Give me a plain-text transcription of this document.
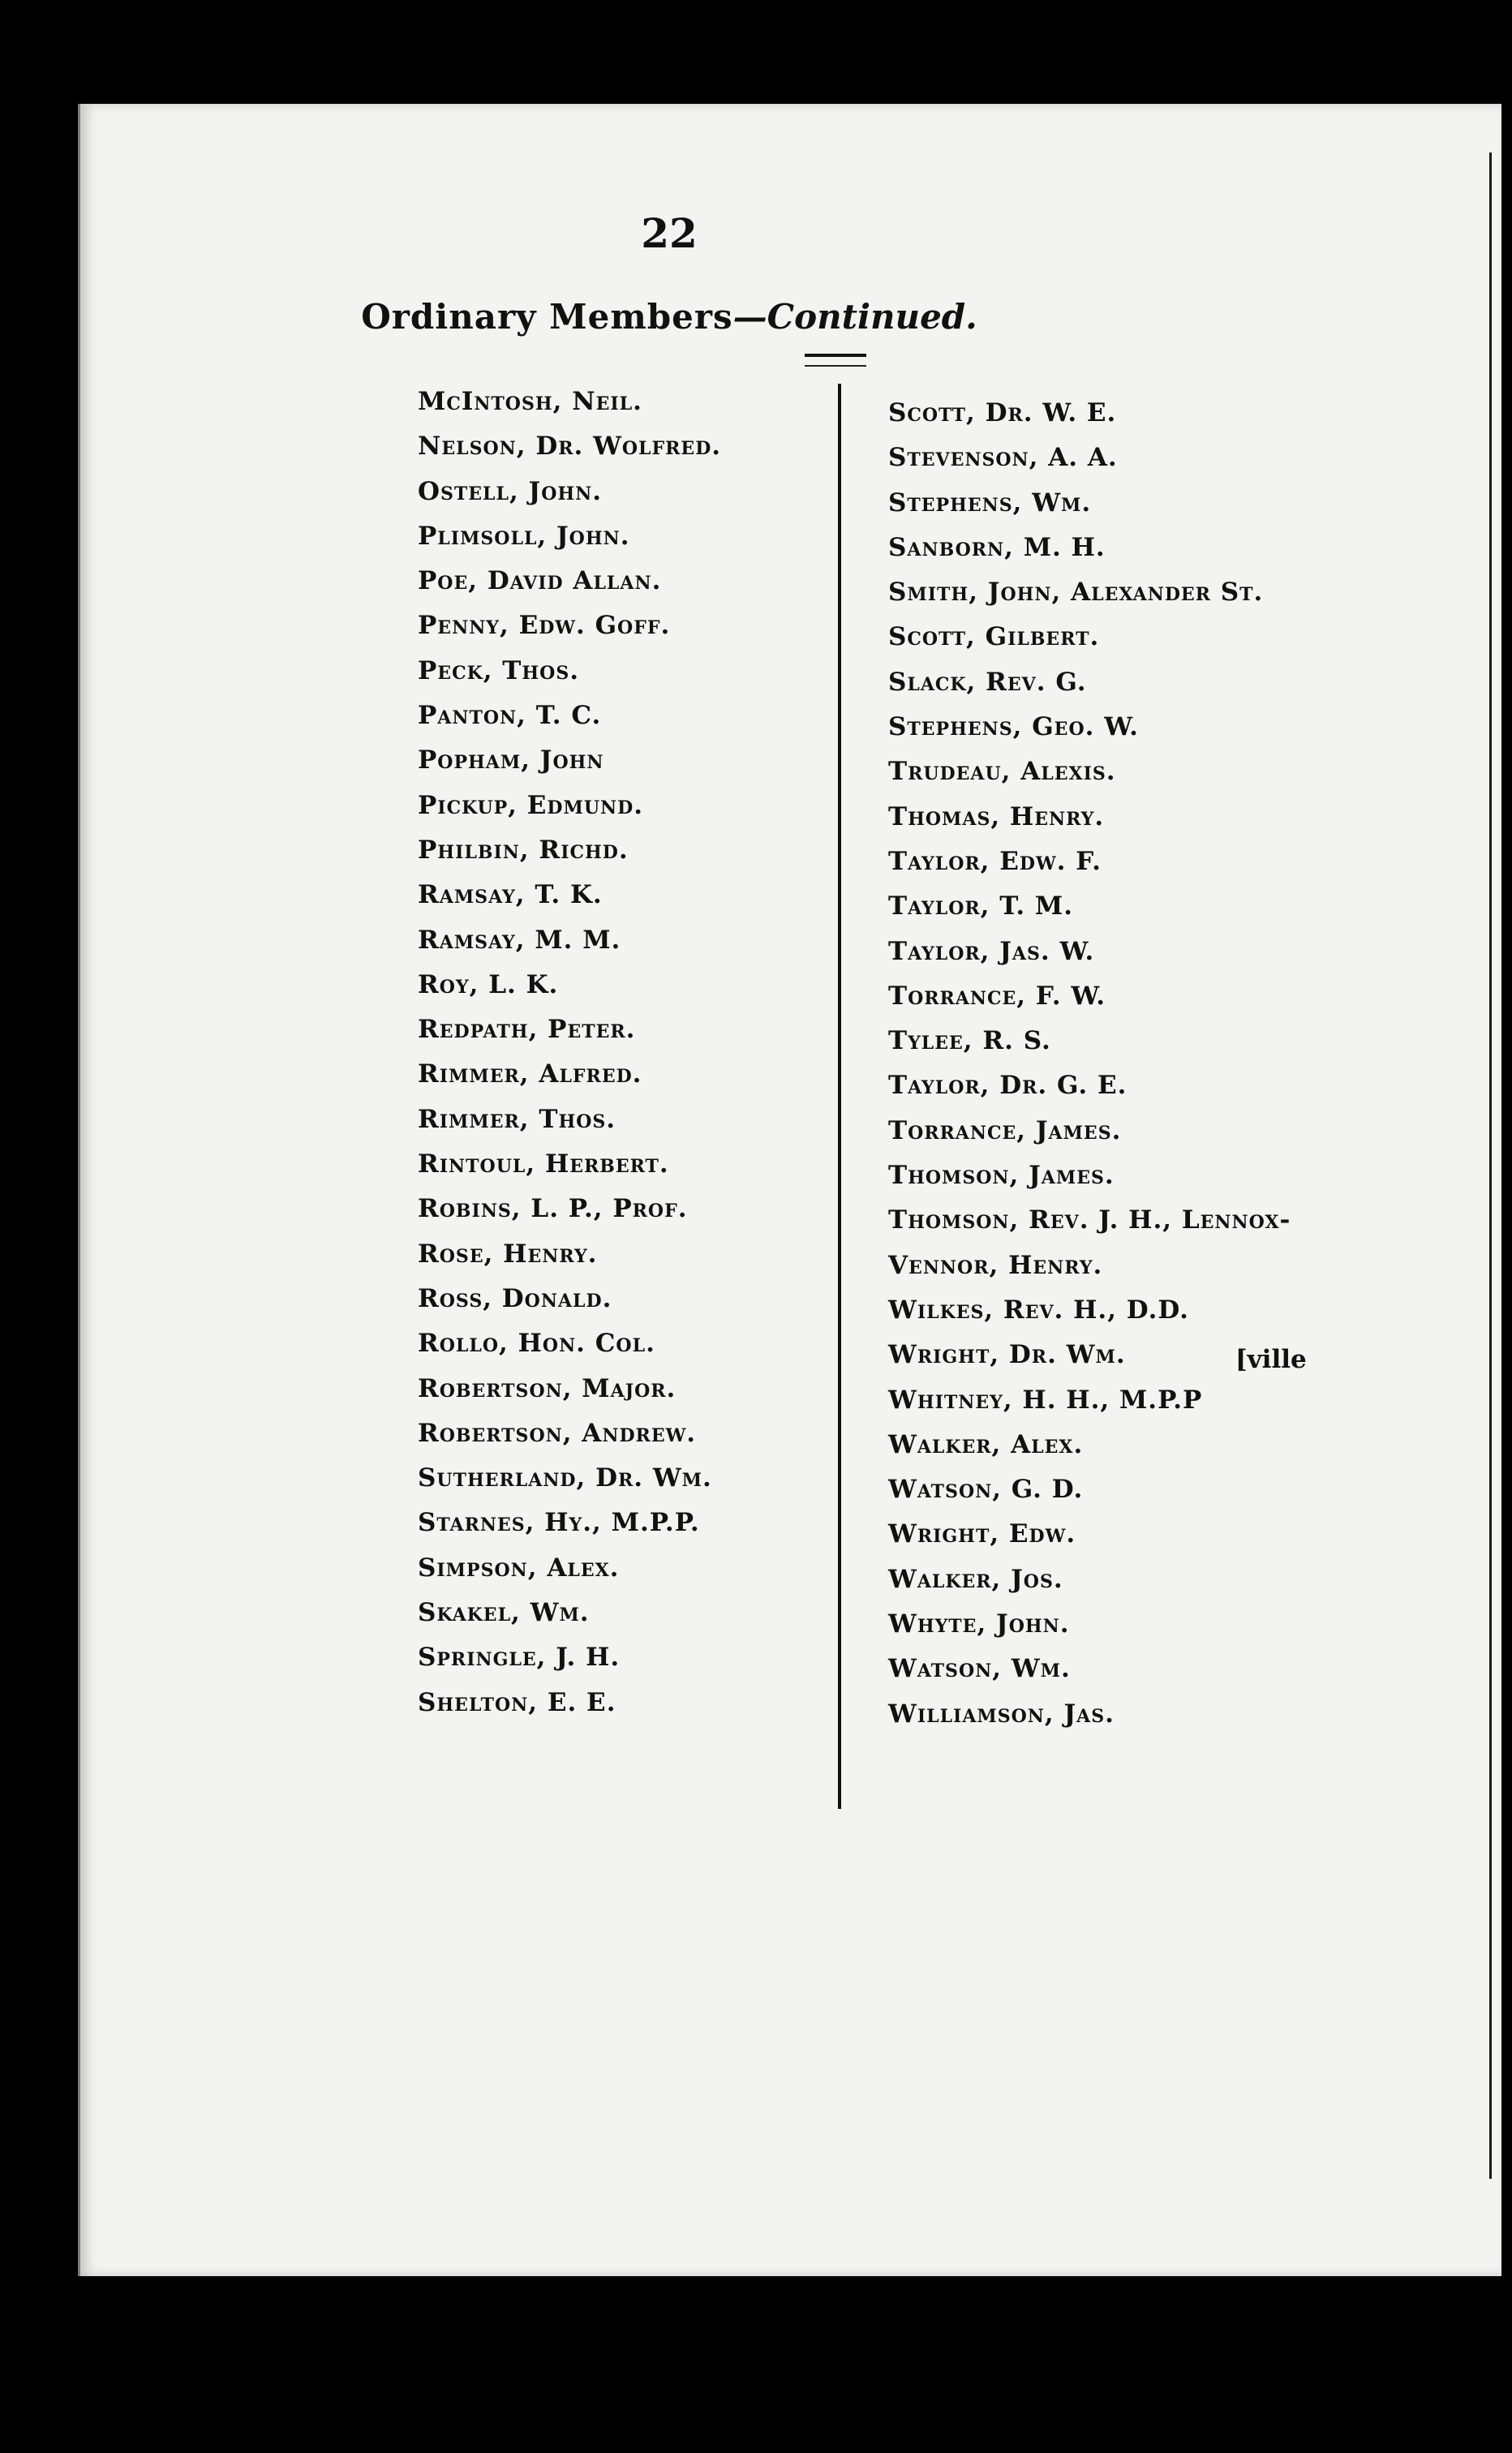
22
Ordinary Members—Continued.
McIntosh, Neil.
Nelson, Dr. Wolfred.
Ostell, John.
Plimsoll, John.
Poe, David Allan.
Penny, Edw. Goff.
Peck, Thos.
Panton, T. C.
Popham, John
Pickup, Edmund.
Philbin, Richd.
Ramsay, T. K.
Ramsay, M. M.
Roy, L. K.
Redpath, Peter.
Rimmer, Alfred.
Rimmer, Thos.
Rintoul, Herbert.
Robins, L. P., Prof.
Rose, Henry.
Ross, Donald.
Rollo, Hon. Col.
Robertson, Major.
Robertson, Andrew.
Sutherland, Dr. Wm.
Starnes, Hy., M.P.P.
Simpson, Alex.
Skakel, Wm.
Springle, J. H.
Shelton, E. E.
Scott, Dr. W. E.
Stevenson, A. A.
Stephens, Wm.
Sanborn, M. H.
Smith, John, Alexander St.
Scott, Gilbert.
Slack, Rev. G.
Stephens, Geo. W.
Trudeau, Alexis.
Thomas, Henry.
Taylor, Edw. F.
Taylor, T. M.
Taylor, Jas. W.
Torrance, F. W.
Tylee, R. S.
Taylor, Dr. G. E.
Torrance, James.
Thomson, James.
Thomson, Rev. J. H., Lennox-
Vennor, Henry.
Wilkes, Rev. H., D.D.
Wright, Dr. Wm.
Whitney, H. H., M.P.P
Walker, Alex.
Watson, G. D.
Wright, Edw.
Walker, Jos.
Whyte, John.
Watson, Wm.
Williamson, Jas.
[ville
